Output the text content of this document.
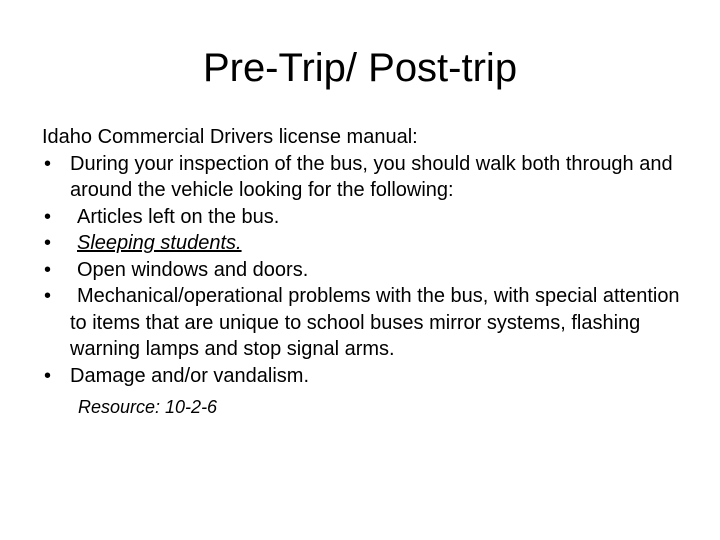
Pre-Trip/ Post-trip

Idaho Commercial Drivers license manual:

• During your inspection of the bus, you should walk both through and around the vehicle looking for the following:
• Articles left on the bus.
• Sleeping students.
• Open windows and doors.
•	Mechanical/operational problems with the bus, with special attention to items that are unique to school buses mirror systems, flashing warning lamps and stop signal arms.
• Damage and/or vandalism.

Resource: 10-2-6
